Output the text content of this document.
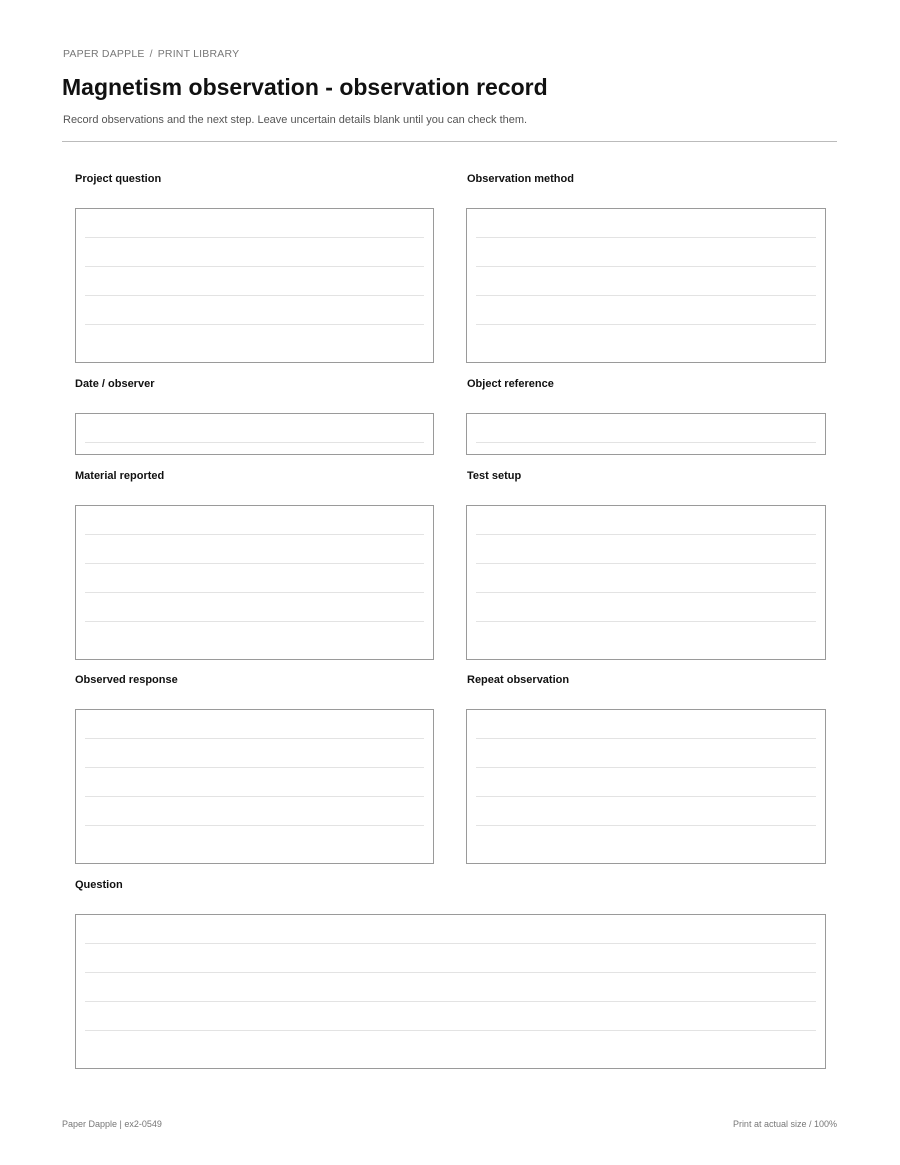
PAPER DAPPLE / PRINT LIBRARY
Magnetism observation - observation record
Record observations and the next step. Leave uncertain details blank until you can check them.
Project question	Observation method
Date / observer	Object reference
Material reported	Test setup
Observed response	Repeat observation
Question
Paper Dapple | ex2-0549	Print at actual size / 100%
